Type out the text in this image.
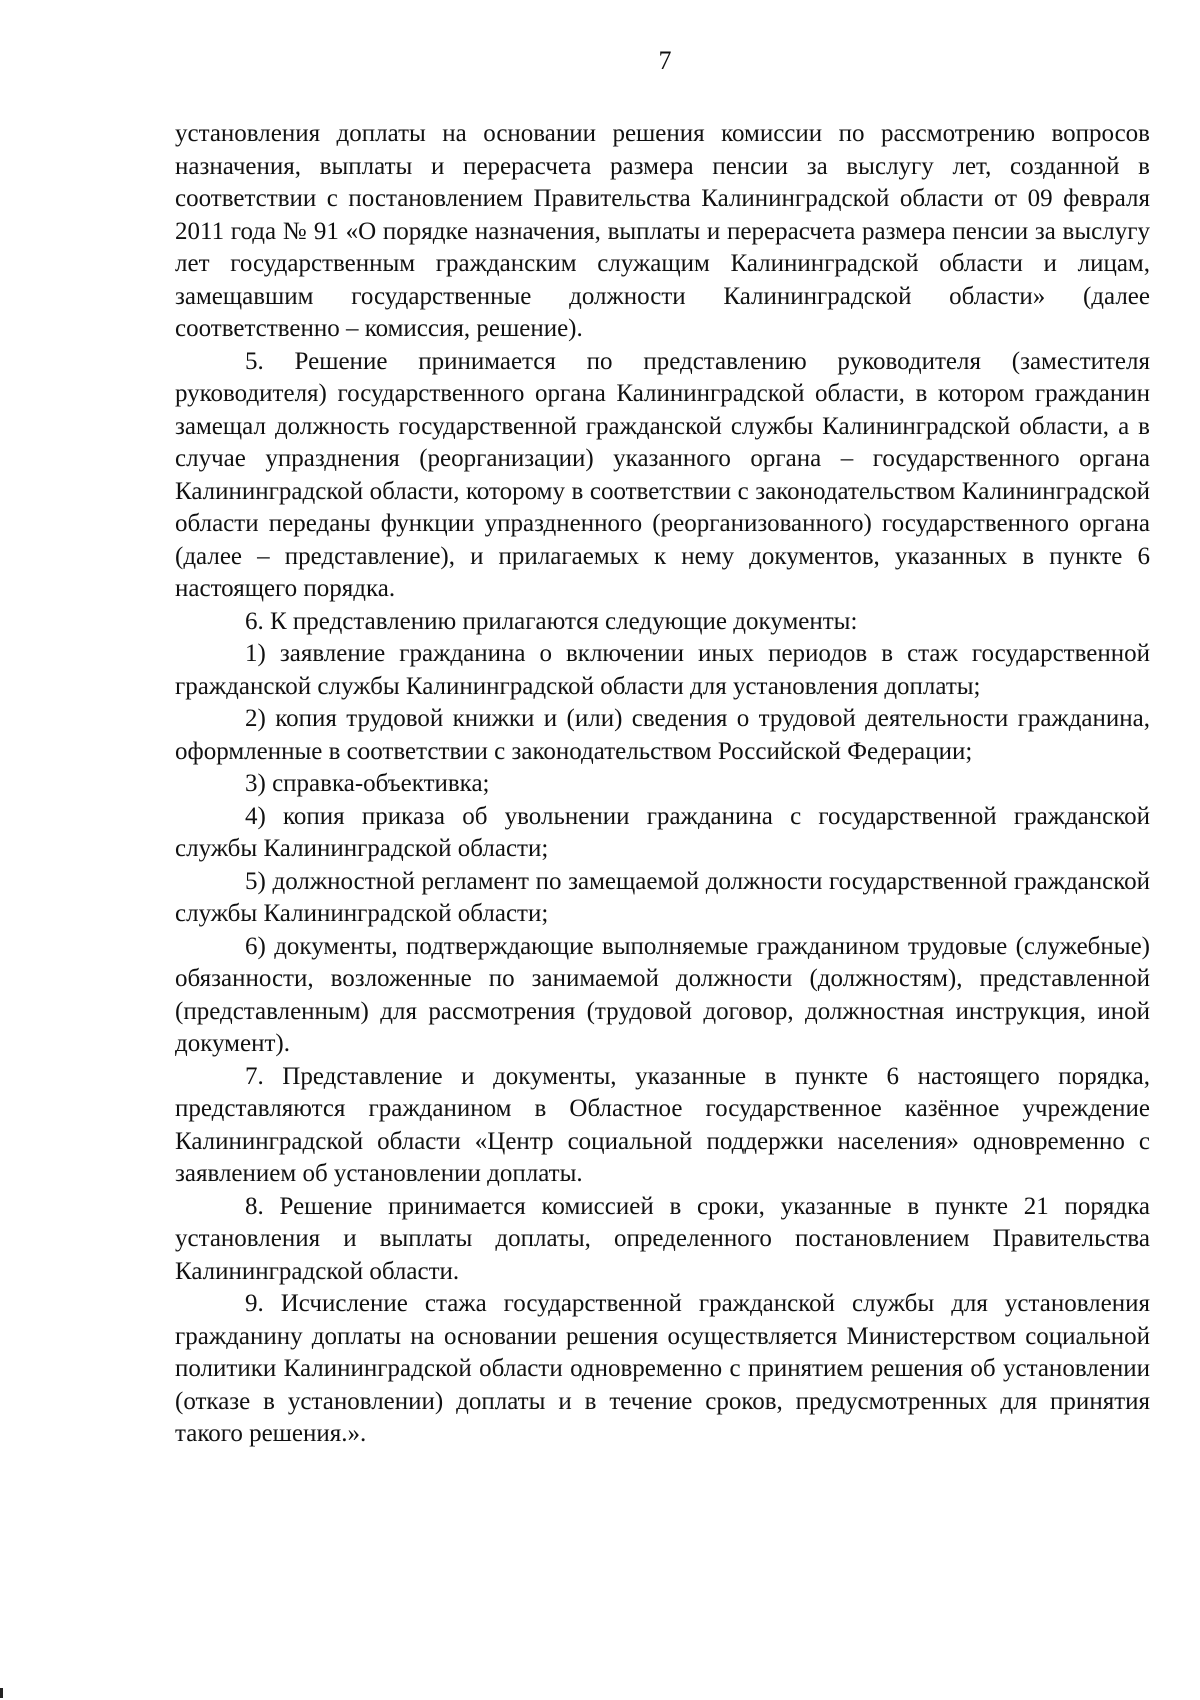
7

установления доплаты на основании решения комиссии по рассмотрению вопросов назначения, выплаты и перерасчета размера пенсии за выслугу лет, созданной в соответствии с постановлением Правительства Калининградской области от 09 февраля 2011 года № 91 «О порядке назначения, выплаты и перерасчета размера пенсии за выслугу лет государственным гражданским служащим Калининградской области и лицам, замещавшим государственные должности Калининградской области» (далее соответственно – комиссия, решение).

5. Решение принимается по представлению руководителя (заместителя руководителя) государственного органа Калининградской области, в котором гражданин замещал должность государственной гражданской службы Калининградской области, а в случае упразднения (реорганизации) указанного органа – государственного органа Калининградской области, которому в соответствии с законодательством Калининградской области переданы функции упраздненного (реорганизованного) государственного органа (далее – представление), и прилагаемых к нему документов, указанных в пункте 6 настоящего порядка.

6. К представлению прилагаются следующие документы:

1) заявление гражданина о включении иных периодов в стаж государственной гражданской службы Калининградской области для установления доплаты;

2) копия трудовой книжки и (или) сведения о трудовой деятельности гражданина, оформленные в соответствии с законодательством Российской Федерации;

3) справка-объективка;

4) копия приказа об увольнении гражданина с государственной гражданской службы Калининградской области;

5) должностной регламент по замещаемой должности государственной гражданской службы Калининградской области;

6) документы, подтверждающие выполняемые гражданином трудовые (служебные) обязанности, возложенные по занимаемой должности (должностям), представленной (представленным) для рассмотрения (трудовой договор, должностная инструкция, иной документ).

7. Представление и документы, указанные в пункте 6 настоящего порядка, представляются гражданином в Областное государственное казённое учреждение Калининградской области «Центр социальной поддержки населения» одновременно с заявлением об установлении доплаты.

8. Решение принимается комиссией в сроки, указанные в пункте 21 порядка установления и выплаты доплаты, определенного постановлением Правительства Калининградской области.

9. Исчисление стажа государственной гражданской службы для установления гражданину доплаты на основании решения осуществляется Министерством социальной политики Калининградской области одновременно с принятием решения об установлении (отказе в установлении) доплаты и в течение сроков, предусмотренных для принятия такого решения.».
